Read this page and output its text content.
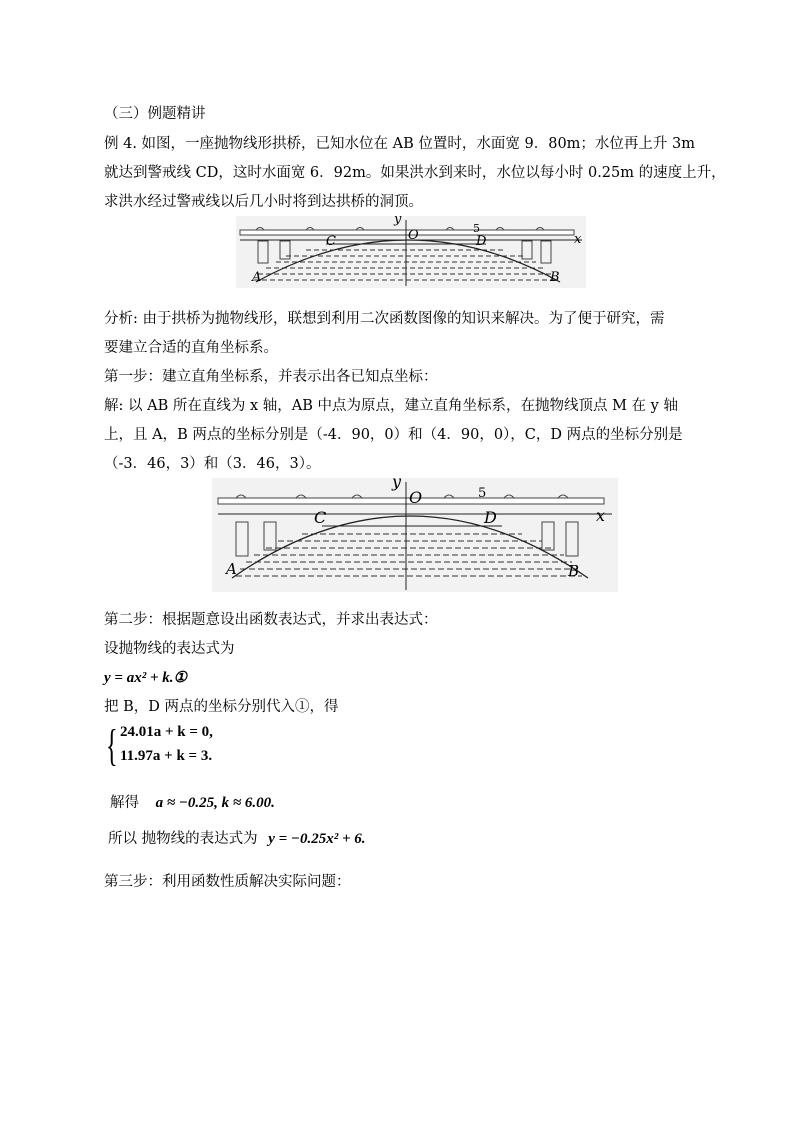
（三）例题精讲
例 4. 如图，一座抛物线形拱桥，已知水位在 AB 位置时，水面宽 9．80m；水位再上升 3m
就达到警戒线 CD，这时水面宽 6．92m。如果洪水到来时，水位以每小时 0.25m 的速度上升，
求洪水经过警戒线以后几小时将到达拱桥的洞顶。
y
x
O	5
C	D
A	B
分析: 由于拱桥为抛物线形，联想到利用二次函数图像的知识来解决。为了便于研究，需
要建立合适的直角坐标系。
第一步：建立直角坐标系，并表示出各已知点坐标：
解: 以 AB 所在直线为 x 轴，AB 中点为原点，建立直角坐标系，在抛物线顶点 M 在 y 轴
上，且 A，B 两点的坐标分别是（-4．90，0）和（4．90，0），C，D 两点的坐标分别是
（-3．46，3）和（3．46，3）。
y
x
O	5
C	D
A	B
第二步：根据题意设出函数表达式，并求出表达式：
设抛物线的表达式为
y = ax² + k.①
把 B，D 两点的坐标分别代入①，得
{ 24.01a + k = 0,
11.97a + k = 3.
解得 a ≈ −0.25, k ≈ 6.00.
所以 抛物线的表达式为 y = −0.25x² + 6.
第三步：利用函数性质解决实际问题：
